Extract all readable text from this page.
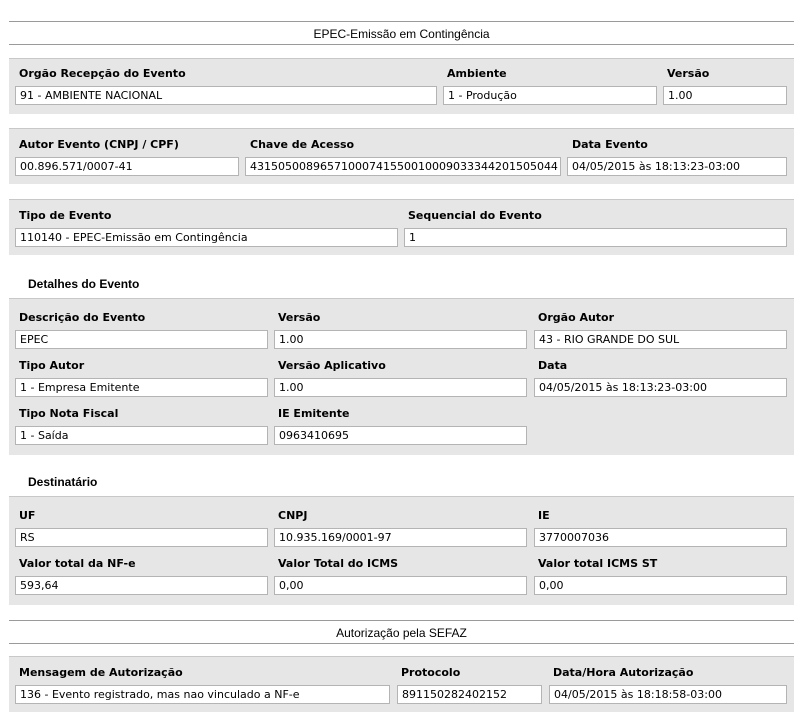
EPEC-Emissão em Contingência
Orgão Recepção do Evento
91 - AMBIENTE NACIONAL
Ambiente
1 - Produção
Versão
1.00
Autor Evento (CNPJ / CPF)
00.896.571/0007-41
Chave de Acesso
43150500896571000741550010009033344201505044
Data Evento
04/05/2015 às 18:13:23-03:00
Tipo de Evento
110140 - EPEC-Emissão em Contingência
Sequencial do Evento
1
Detalhes do Evento
Descrição do Evento
EPEC
Versão
1.00
Orgão Autor
43 - RIO GRANDE DO SUL
Tipo Autor
1 - Empresa Emitente
Versão Aplicativo
1.00
Data
04/05/2015 às 18:13:23-03:00
Tipo Nota Fiscal
1 - Saída
IE Emitente
0963410695
Destinatário
UF
RS
CNPJ
10.935.169/0001-97
IE
3770007036
Valor total da NF-e
593,64
Valor Total do ICMS
0,00
Valor total ICMS ST
0,00
Autorização pela SEFAZ
Mensagem de Autorização
136 - Evento registrado, mas nao vinculado a NF-e
Protocolo
891150282402152
Data/Hora Autorização
04/05/2015 às 18:18:58-03:00
